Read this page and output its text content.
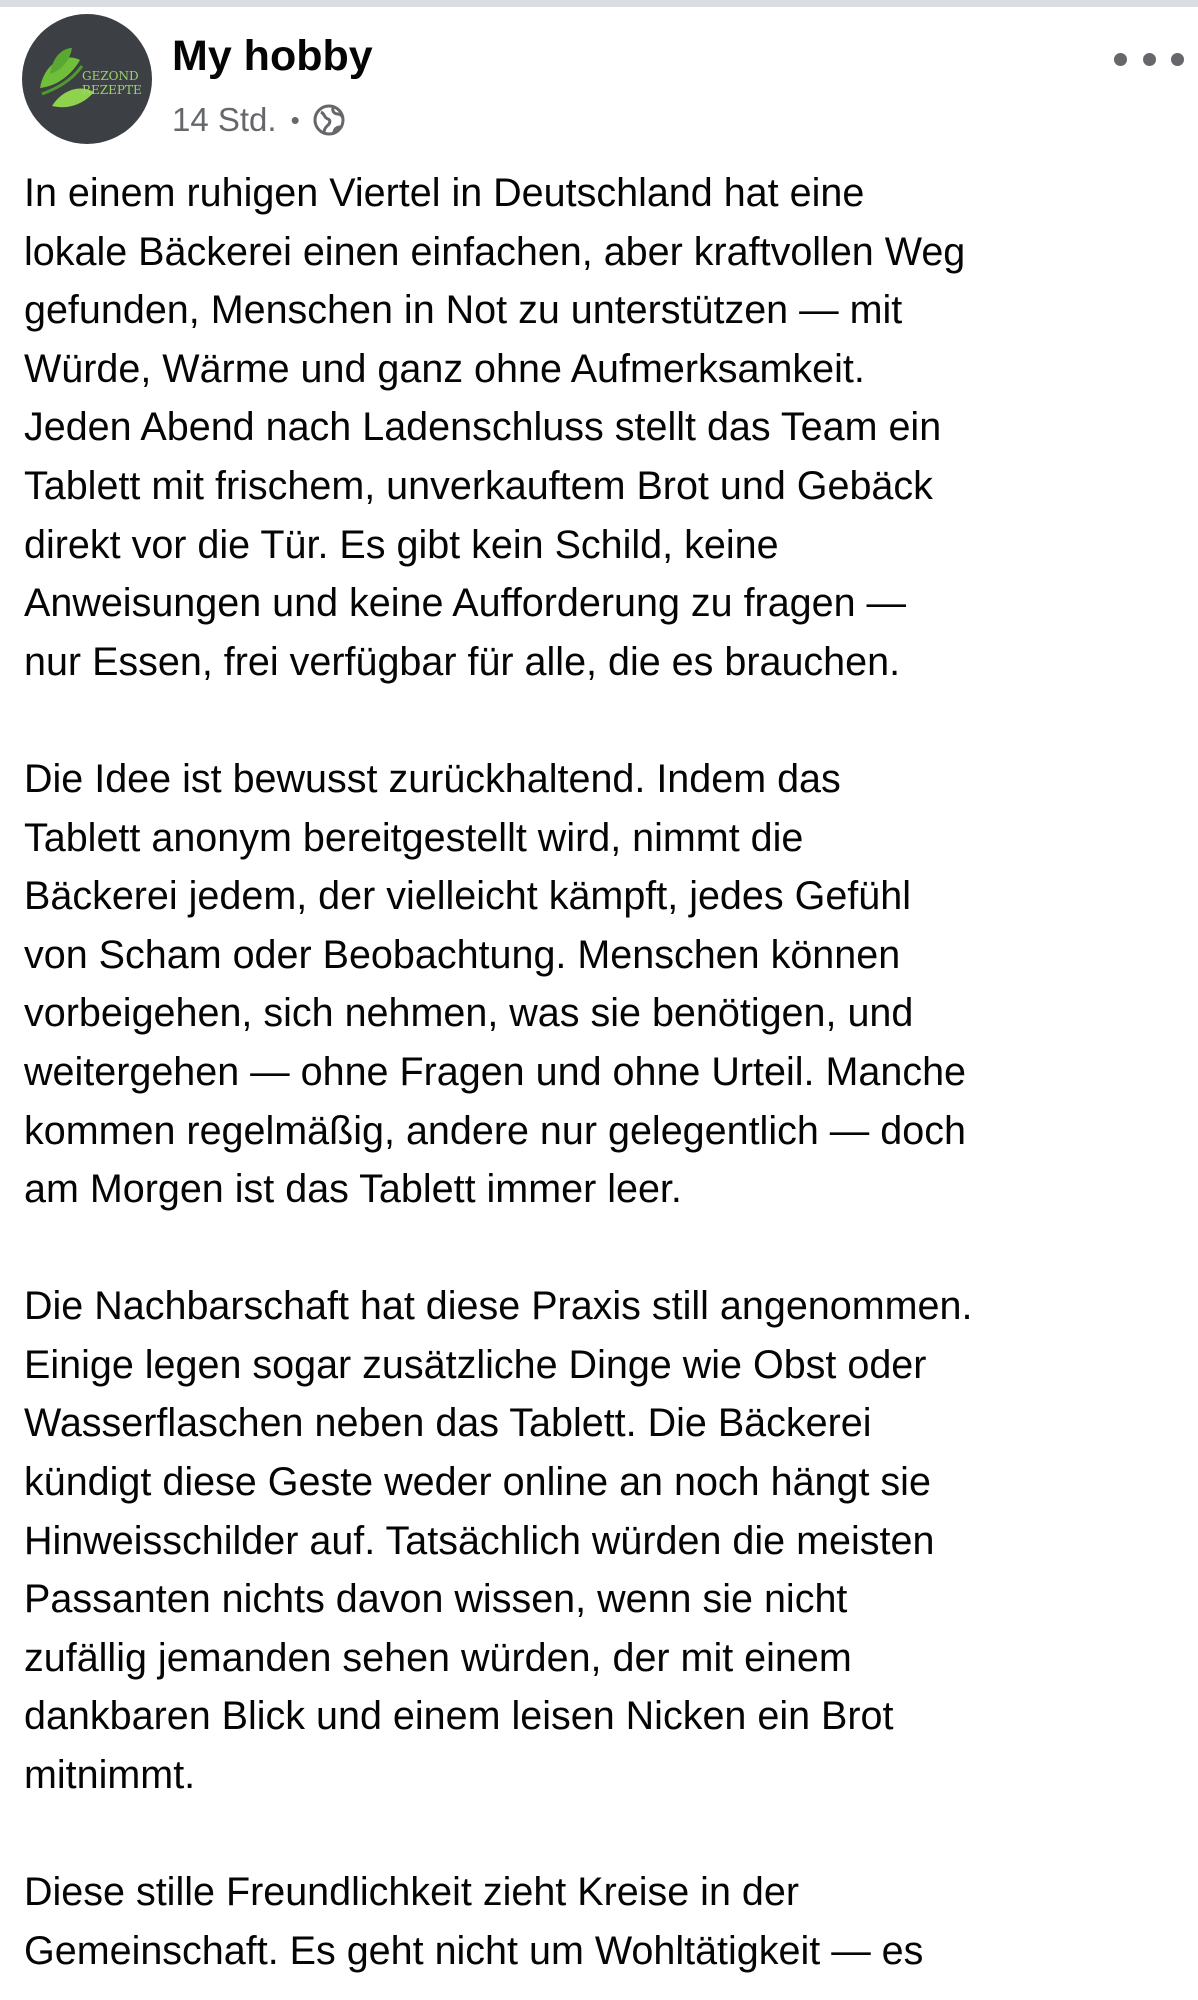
GEZOND
REZEPTE
My hobby
14 Std. •
In einem ruhigen Viertel in Deutschland hat eine
lokale Bäckerei einen einfachen, aber kraftvollen Weg
gefunden, Menschen in Not zu unterstützen — mit
Würde, Wärme und ganz ohne Aufmerksamkeit.
Jeden Abend nach Ladenschluss stellt das Team ein
Tablett mit frischem, unverkauftem Brot und Gebäck
direkt vor die Tür. Es gibt kein Schild, keine
Anweisungen und keine Aufforderung zu fragen —
nur Essen, frei verfügbar für alle, die es brauchen.
Die Idee ist bewusst zurückhaltend. Indem das
Tablett anonym bereitgestellt wird, nimmt die
Bäckerei jedem, der vielleicht kämpft, jedes Gefühl
von Scham oder Beobachtung. Menschen können
vorbeigehen, sich nehmen, was sie benötigen, und
weitergehen — ohne Fragen und ohne Urteil. Manche
kommen regelmäßig, andere nur gelegentlich — doch
am Morgen ist das Tablett immer leer.
Die Nachbarschaft hat diese Praxis still angenommen.
Einige legen sogar zusätzliche Dinge wie Obst oder
Wasserflaschen neben das Tablett. Die Bäckerei
kündigt diese Geste weder online an noch hängt sie
Hinweisschilder auf. Tatsächlich würden die meisten
Passanten nichts davon wissen, wenn sie nicht
zufällig jemanden sehen würden, der mit einem
dankbaren Blick und einem leisen Nicken ein Brot
mitnimmt.
Diese stille Freundlichkeit zieht Kreise in der
Gemeinschaft. Es geht nicht um Wohltätigkeit — es
